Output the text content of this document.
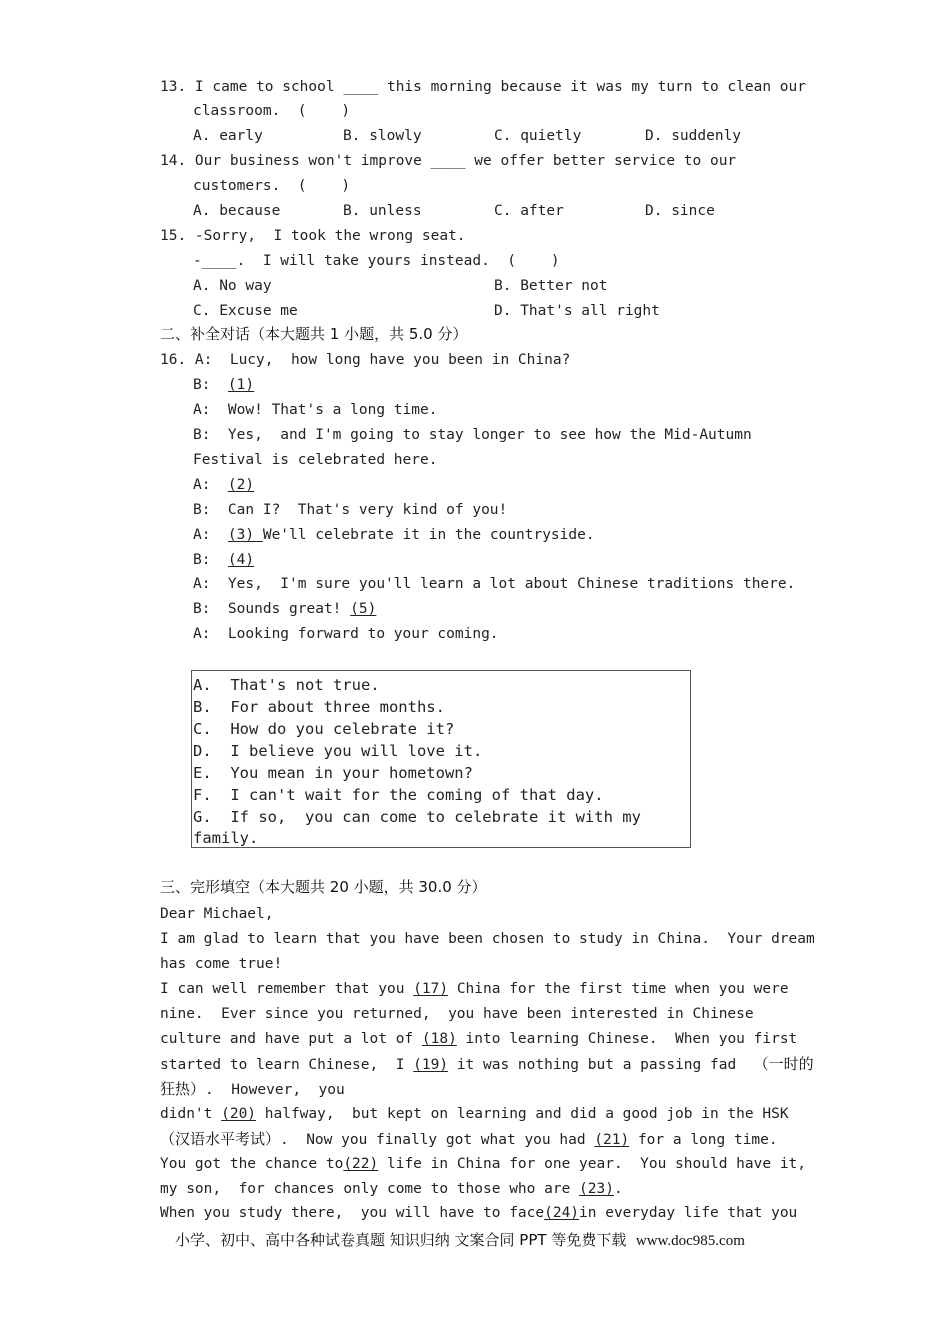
13. I came to school ____ this morning because it was my turn to clean our
classroom.  (    )
A. early	B. slowly	C. quietly	D. suddenly
14. Our business won't improve ____ we offer better service to our
customers.  (    )
A. because	B. unless	C. after	D. since
15. -Sorry,  I took the wrong seat.
-____.  I will take yours instead.  (    )
A. No way	B. Better not
C. Excuse me	D. That's all right
二、补全对话（本大题共 1 小题，共 5.0 分）
16. A:  Lucy,  how long have you been in China?
B:  (1)
A:  Wow! That's a long time.
B:  Yes,  and I'm going to stay longer to see how the Mid-Autumn
Festival is celebrated here.
A:  (2)
B:  Can I?  That's very kind of you!
A:  (3) We'll celebrate it in the countryside.
B:  (4)
A:  Yes,  I'm sure you'll learn a lot about Chinese traditions there.
B:  Sounds great! (5)
A:  Looking forward to your coming.
A.  That's not true.
B.  For about three months.
C.  How do you celebrate it?
D.  I believe you will love it.
E.  You mean in your hometown?
F.  I can't wait for the coming of that day.
G.  If so,  you can come to celebrate it with my
family.
三、完形填空（本大题共 20 小题，共 30.0 分）
Dear Michael,
I am glad to learn that you have been chosen to study in China.  Your dream
has come true!
I can well remember that you (17) China for the first time when you were
nine.  Ever since you returned,  you have been interested in Chinese
culture and have put a lot of (18) into learning Chinese.  When you first
started to learn Chinese,  I (19) it was nothing but a passing fad  （一时的
狂热）.  However,  you
didn't (20) halfway,  but kept on learning and did a good job in the HSK
（汉语水平考试）.  Now you finally got what you had (21) for a long time.
You got the chance to(22) life in China for one year.  You should have it,
my son,  for chances only come to those who are (23).
When you study there,  you will have to face(24)in everyday life that you
小学、初中、高中各种试卷真题 知识归纳 文案合同 PPT 等免费下载  www.doc985.com
